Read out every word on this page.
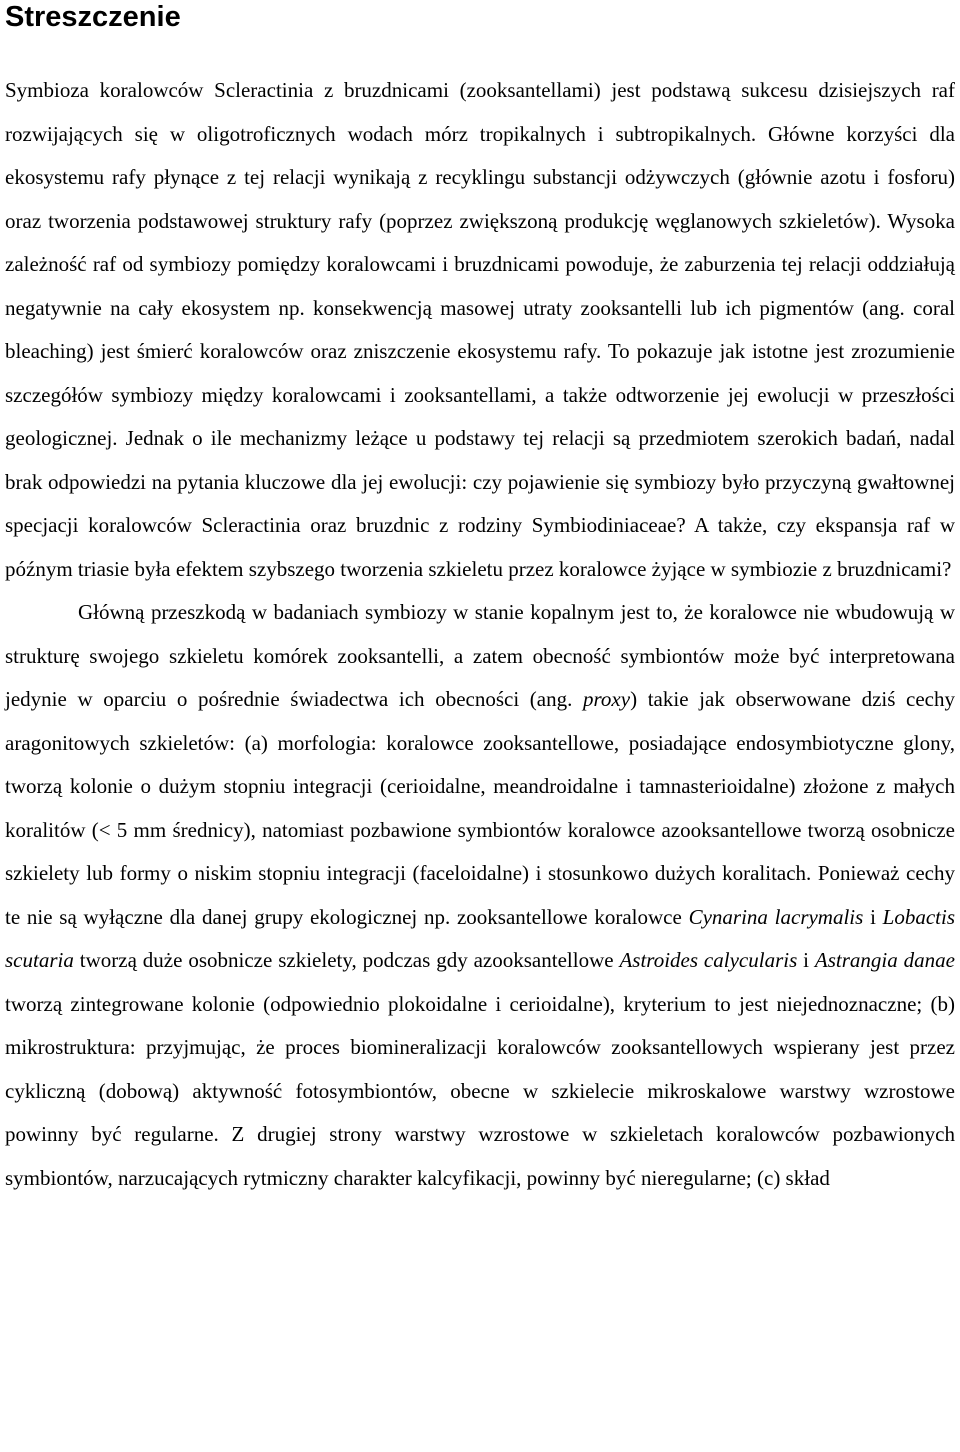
Streszczenie

Symbioza koralowców Scleractinia z bruzdnicami (zooksantellami) jest podstawą sukcesu dzisiejszych raf rozwijających się w oligotroficznych wodach mórz tropikalnych i subtropikalnych. Główne korzyści dla ekosystemu rafy płynące z tej relacji wynikają z recyklingu substancji odżywczych (głównie azotu i fosforu) oraz tworzenia podstawowej struktury rafy (poprzez zwiększoną produkcję węglanowych szkieletów). Wysoka zależność raf od symbiozy pomiędzy koralowcami i bruzdnicami powoduje, że zaburzenia tej relacji oddziałują negatywnie na cały ekosystem np. konsekwencją masowej utraty zooksantelli lub ich pigmentów (ang. coral bleaching) jest śmierć koralowców oraz zniszczenie ekosystemu rafy. To pokazuje jak istotne jest zrozumienie szczegółów symbiozy między koralowcami i zooksantellami, a także odtworzenie jej ewolucji w przeszłości geologicznej. Jednak o ile mechanizmy leżące u podstawy tej relacji są przedmiotem szerokich badań, nadal brak odpowiedzi na pytania kluczowe dla jej ewolucji: czy pojawienie się symbiozy było przyczyną gwałtownej specjacji koralowców Scleractinia oraz bruzdnic z rodziny Symbiodiniaceae? A także, czy ekspansja raf w późnym triasie była efektem szybszego tworzenia szkieletu przez koralowce żyjące w symbiozie z bruzdnicami?

Główną przeszkodą w badaniach symbiozy w stanie kopalnym jest to, że koralowce nie wbudowują w strukturę swojego szkieletu komórek zooksantelli, a zatem obecność symbiontów może być interpretowana jedynie w oparciu o pośrednie świadectwa ich obecności (ang. proxy) takie jak obserwowane dziś cechy aragonitowych szkieletów: (a) morfologia: koralowce zooksantellowe, posiadające endosymbiotyczne glony, tworzą kolonie o dużym stopniu integracji (cerioidalne, meandroidalne i tamnasterioidalne) złożone z małych koralitów (< 5 mm średnicy), natomiast pozbawione symbiontów koralowce azooksantellowe tworzą osobnicze szkielety lub formy o niskim stopniu integracji (faceloidalne) i stosunkowo dużych koralitach. Ponieważ cechy te nie są wyłączne dla danej grupy ekologicznej np. zooksantellowe koralowce Cynarina lacrymalis i Lobactis scutaria tworzą duże osobnicze szkielety, podczas gdy azooksantellowe Astroides calycularis i Astrangia danae tworzą zintegrowane kolonie (odpowiednio plokoidalne i cerioidalne), kryterium to jest niejednoznaczne; (b) mikrostruktura: przyjmując, że proces biomineralizacji koralowców zooksantellowych wspierany jest przez cykliczną (dobową) aktywność fotosymbiontów, obecne w szkielecie mikroskalowe warstwy wzrostowe powinny być regularne. Z drugiej strony warstwy wzrostowe w szkieletach koralowców pozbawionych symbiontów, narzucających rytmiczny charakter kalcyfikacji, powinny być nieregularne; (c) skład
